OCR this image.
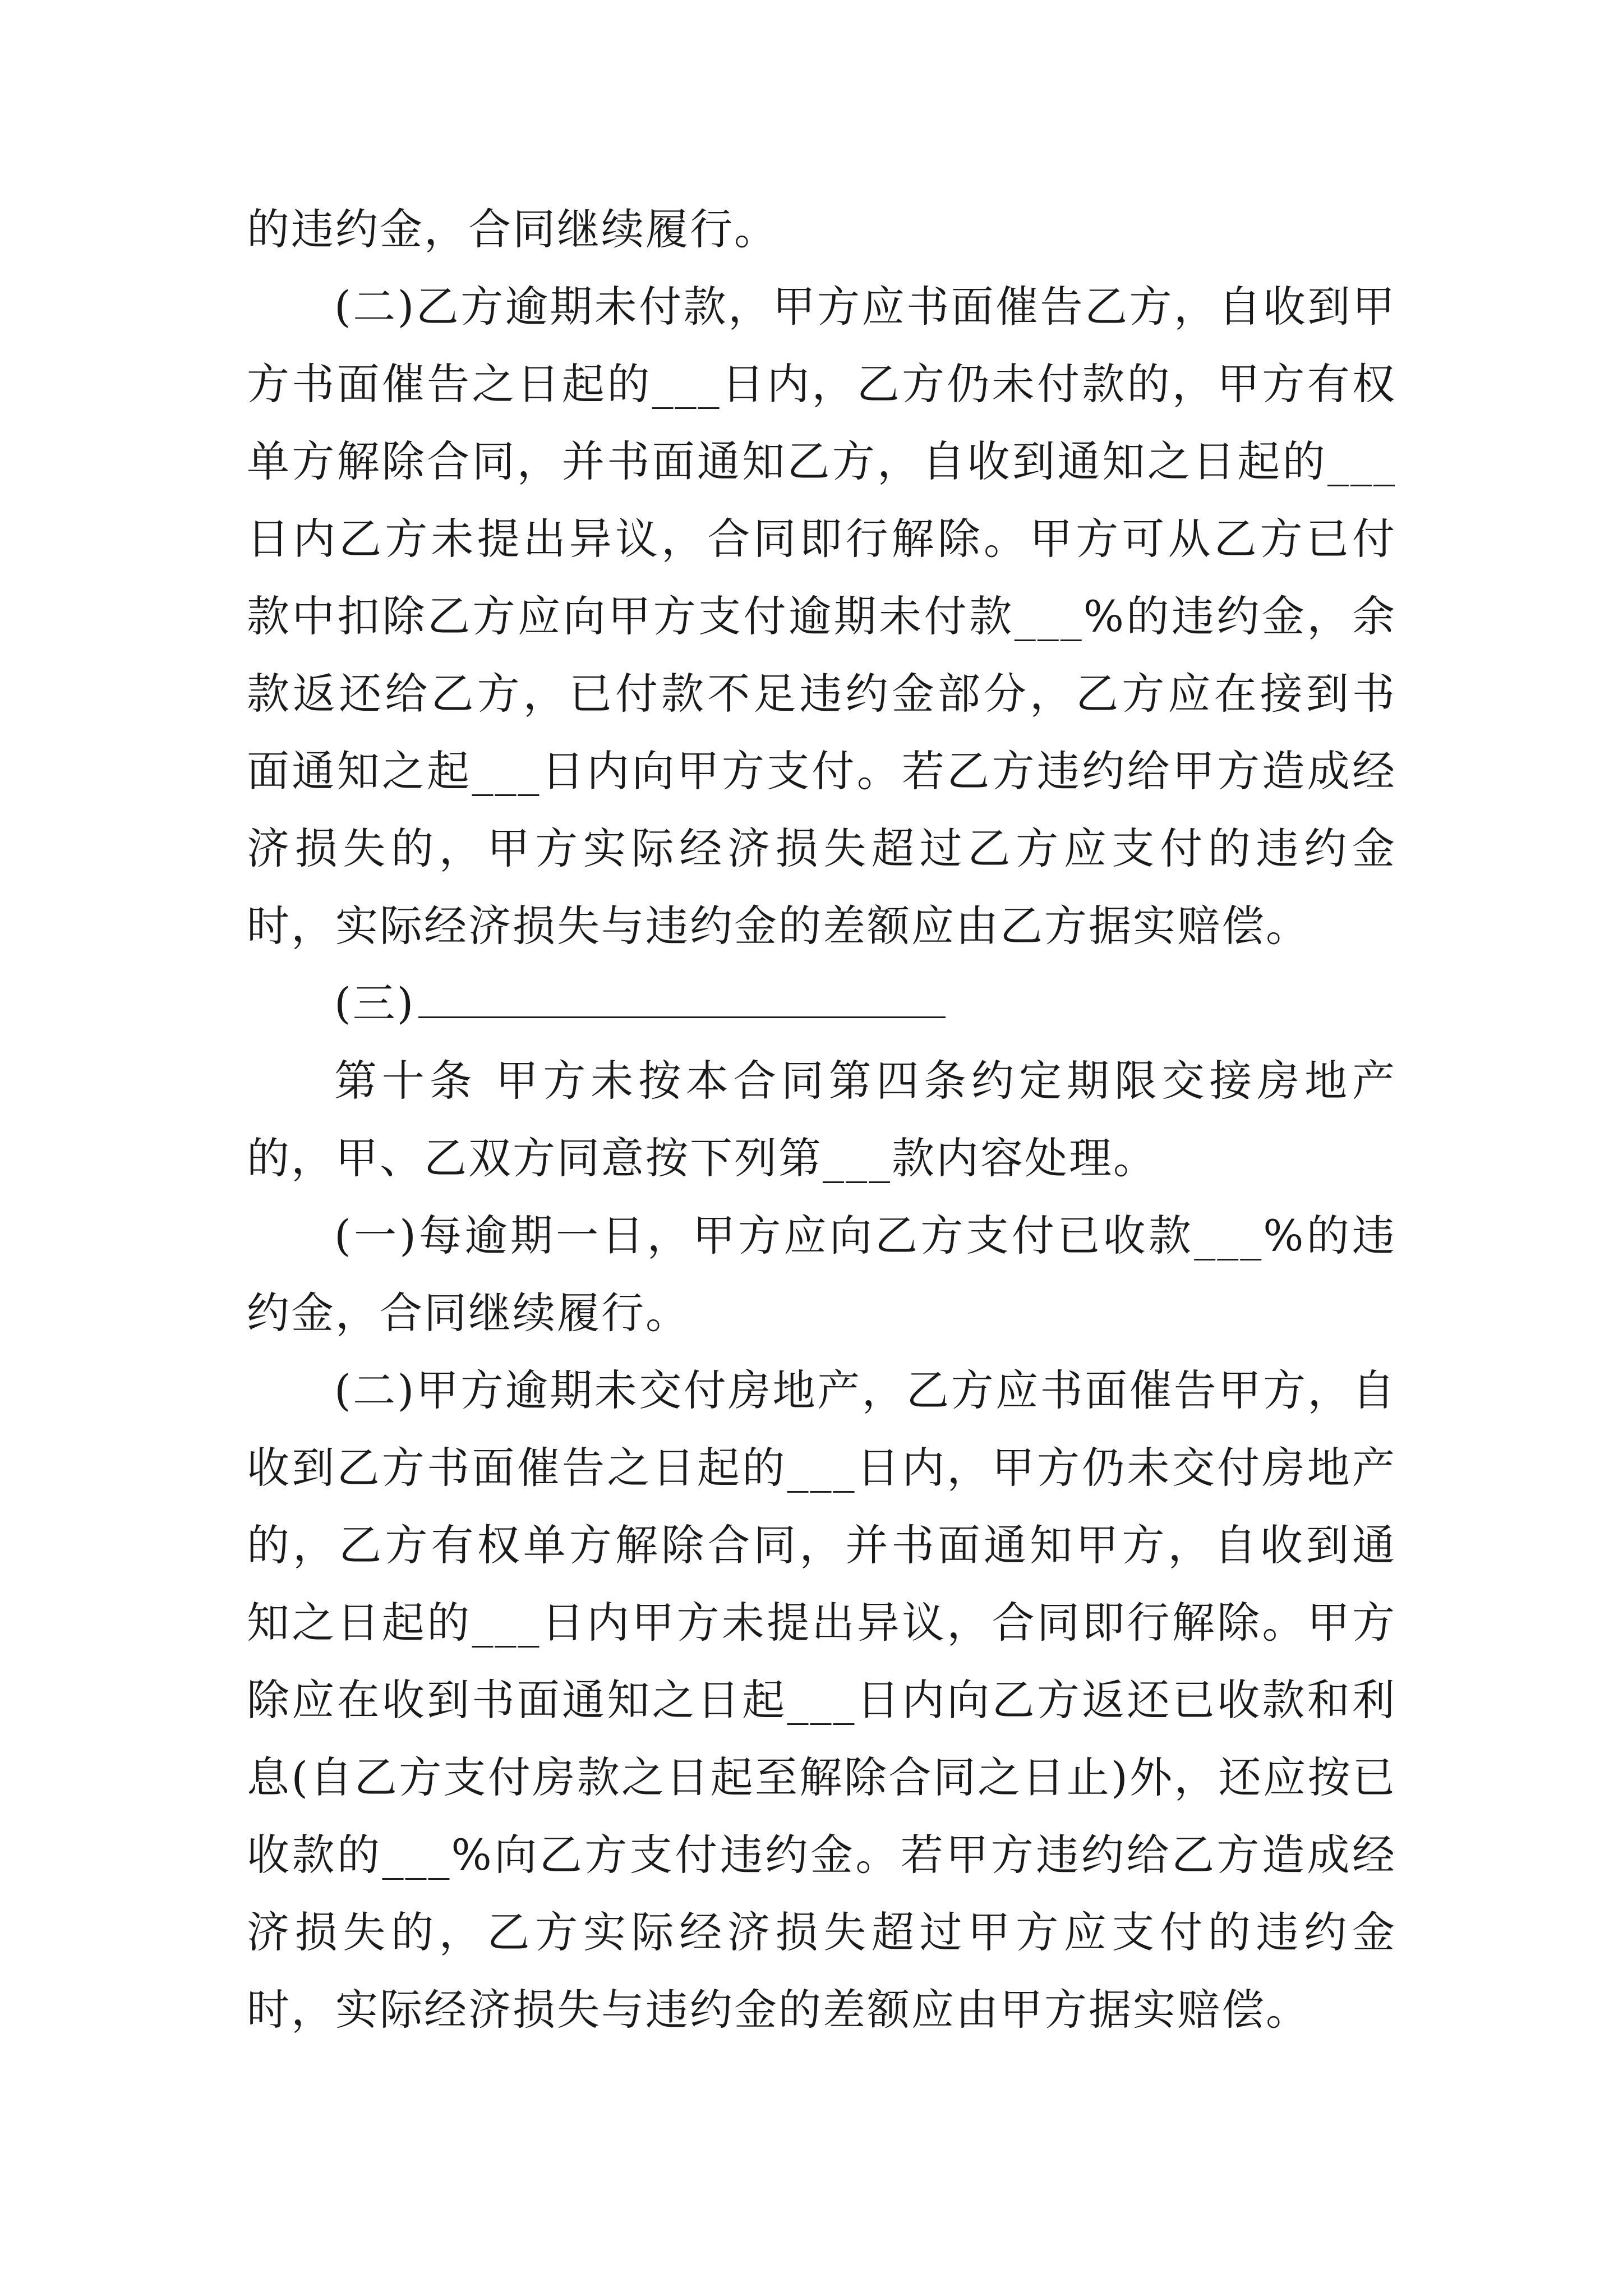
的违约金，合同继续履行。

(二)乙方逾期未付款，甲方应书面催告乙方，自收到甲方书面催告之日起的___日内，乙方仍未付款的，甲方有权单方解除合同，并书面通知乙方，自收到通知之日起的___日内乙方未提出异议，合同即行解除。甲方可从乙方已付款中扣除乙方应向甲方支付逾期未付款___%的违约金，余款返还给乙方，已付款不足违约金部分，乙方应在接到书面通知之起___日内向甲方支付。若乙方违约给甲方造成经济损失的，甲方实际经济损失超过乙方应支付的违约金时，实际经济损失与违约金的差额应由乙方据实赔偿。

(三)

第十条 甲方未按本合同第四条约定期限交接房地产的，甲、乙双方同意按下列第___款内容处理。

(一)每逾期一日，甲方应向乙方支付已收款___%的违约金，合同继续履行。

(二)甲方逾期未交付房地产，乙方应书面催告甲方，自收到乙方书面催告之日起的___日内，甲方仍未交付房地产的，乙方有权单方解除合同，并书面通知甲方，自收到通知之日起的___日内甲方未提出异议，合同即行解除。甲方除应在收到书面通知之日起___日内向乙方返还已收款和利息(自乙方支付房款之日起至解除合同之日止)外，还应按已收款的___%向乙方支付违约金。若甲方违约给乙方造成经济损失的，乙方实际经济损失超过甲方应支付的违约金时，实际经济损失与违约金的差额应由甲方据实赔偿。
